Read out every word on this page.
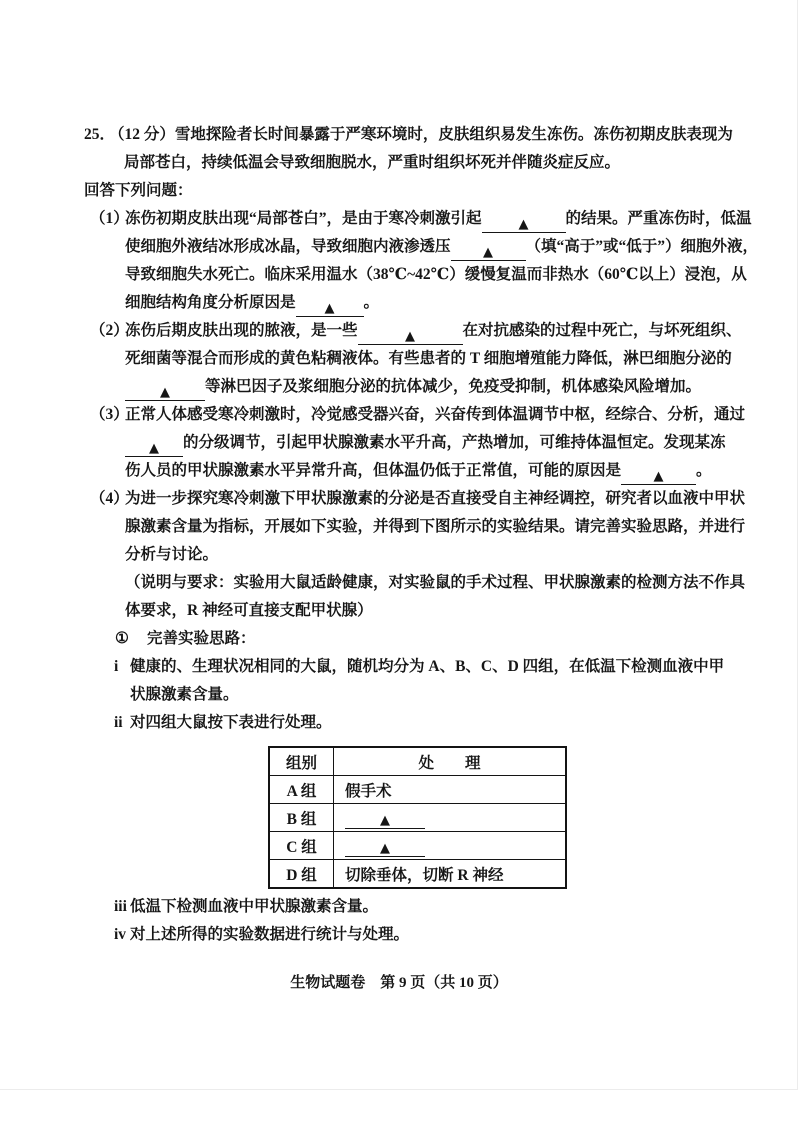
25．（12 分）雪地探险者长时间暴露于严寒环境时，皮肤组织易发生冻伤。冻伤初期皮肤表现为
局部苍白，持续低温会导致细胞脱水，严重时组织坏死并伴随炎症反应。
回答下列问题：
（1）冻伤初期皮肤出现“局部苍白”，是由于寒冷刺激引起	▲ 的结果。严重冻伤时，低温
使细胞外液结冰形成冰晶，导致细胞内液渗透压	▲ （填“高于”或“低于”）细胞外液，
导致细胞失水死亡。临床采用温水（38℃~42℃）缓慢复温而非热水（60℃以上）浸泡，从
细胞结构角度分析原因是 ▲ 。
（2）冻伤后期皮肤出现的脓液，是一些	▲	在对抗感染的过程中死亡，与坏死组织、
死细菌等混合而形成的黄色粘稠液体。有些患者的 T 细胞增殖能力降低，淋巴细胞分泌的
▲ 等淋巴因子及浆细胞分泌的抗体减少，免疫受抑制，机体感染风险增加。
（3）正常人体感受寒冷刺激时，冷觉感受器兴奋，兴奋传到体温调节中枢，经综合、分析，通过
▲ 的分级调节，引起甲状腺激素水平升高，产热增加，可维持体温恒定。发现某冻
伤人员的甲状腺激素水平异常升高，但体温仍低于正常值，可能的原因是	▲ 。
（4）为进一步探究寒冷刺激下甲状腺激素的分泌是否直接受自主神经调控，研究者以血液中甲状
腺激素含量为指标，开展如下实验，并得到下图所示的实验结果。请完善实验思路，并进行
分析与讨论。
（说明与要求：实验用大鼠适龄健康，对实验鼠的手术过程、甲状腺激素的检测方法不作具
体要求，R 神经可直接支配甲状腺）
① 完善实验思路：
i 健康的、生理状况相同的大鼠，随机均分为 A、B、C、D 四组，在低温下检测血液中甲
状腺激素含量。
ii 对四组大鼠按下表进行处理。
组别	处　　理
A 组	假手术
B 组	▲
C 组	▲
D 组	切除垂体，切断 R 神经
iii 低温下检测血液中甲状腺激素含量。
iv 对上述所得的实验数据进行统计与处理。
生物试题卷　第 9 页（共 10 页）
